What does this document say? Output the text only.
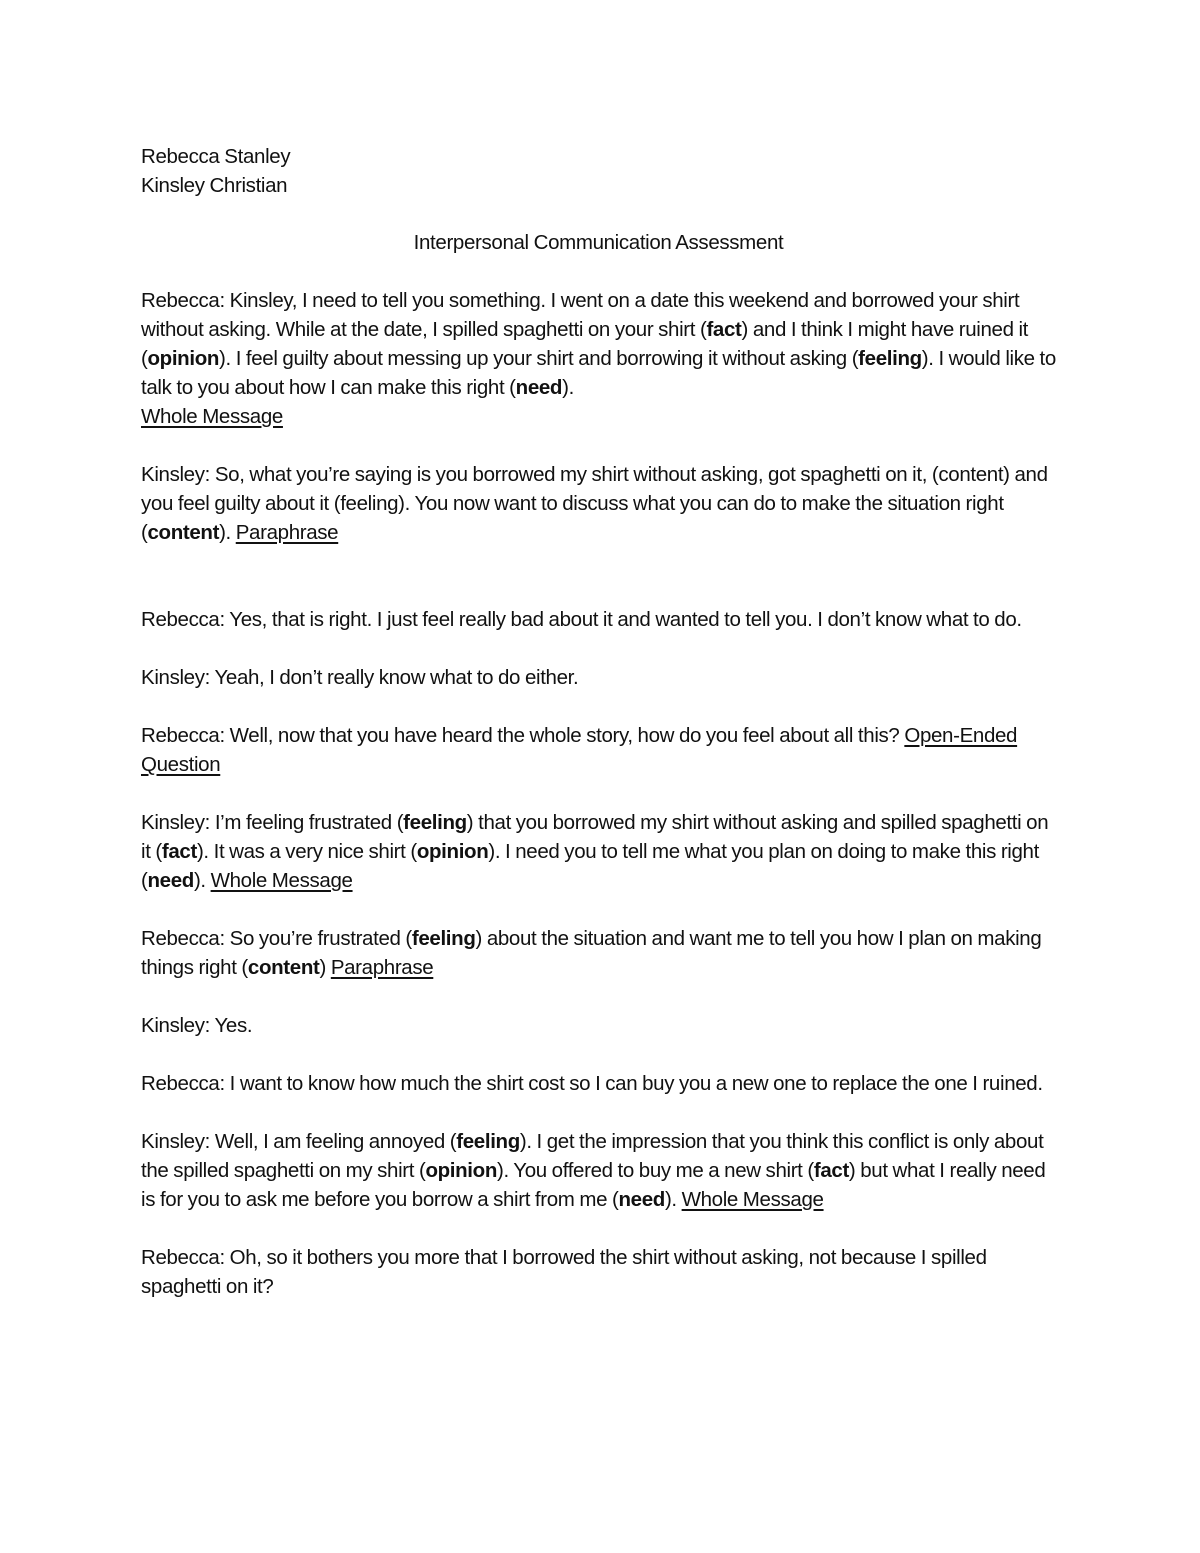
Rebecca Stanley
Kinsley Christian

Interpersonal Communication Assessment

Rebecca: Kinsley, I need to tell you something. I went on a date this weekend and borrowed your shirt without asking. While at the date, I spilled spaghetti on your shirt (fact) and I think I might have ruined it (opinion). I feel guilty about messing up your shirt and borrowing it without asking (feeling). I would like to talk to you about how I can make this right (need).
Whole Message

Kinsley: So, what you’re saying is you borrowed my shirt without asking, got spaghetti on it, (content) and you feel guilty about it (feeling). You now want to discuss what you can do to make the situation right (content). Paraphrase

Rebecca: Yes, that is right. I just feel really bad about it and wanted to tell you. I don’t know what to do.

Kinsley: Yeah, I don’t really know what to do either.

Rebecca: Well, now that you have heard the whole story, how do you feel about all this? Open-Ended Question

Kinsley: I’m feeling frustrated (feeling) that you borrowed my shirt without asking and spilled spaghetti on it (fact). It was a very nice shirt (opinion). I need you to tell me what you plan on doing to make this right (need). Whole Message

Rebecca: So you’re frustrated (feeling) about the situation and want me to tell you how I plan on making things right (content) Paraphrase

Kinsley: Yes.

Rebecca: I want to know how much the shirt cost so I can buy you a new one to replace the one I ruined.

Kinsley: Well, I am feeling annoyed (feeling). I get the impression that you think this conflict is only about the spilled spaghetti on my shirt (opinion). You offered to buy me a new shirt (fact) but what I really need is for you to ask me before you borrow a shirt from me (need). Whole Message

Rebecca: Oh, so it bothers you more that I borrowed the shirt without asking, not because I spilled spaghetti on it?
